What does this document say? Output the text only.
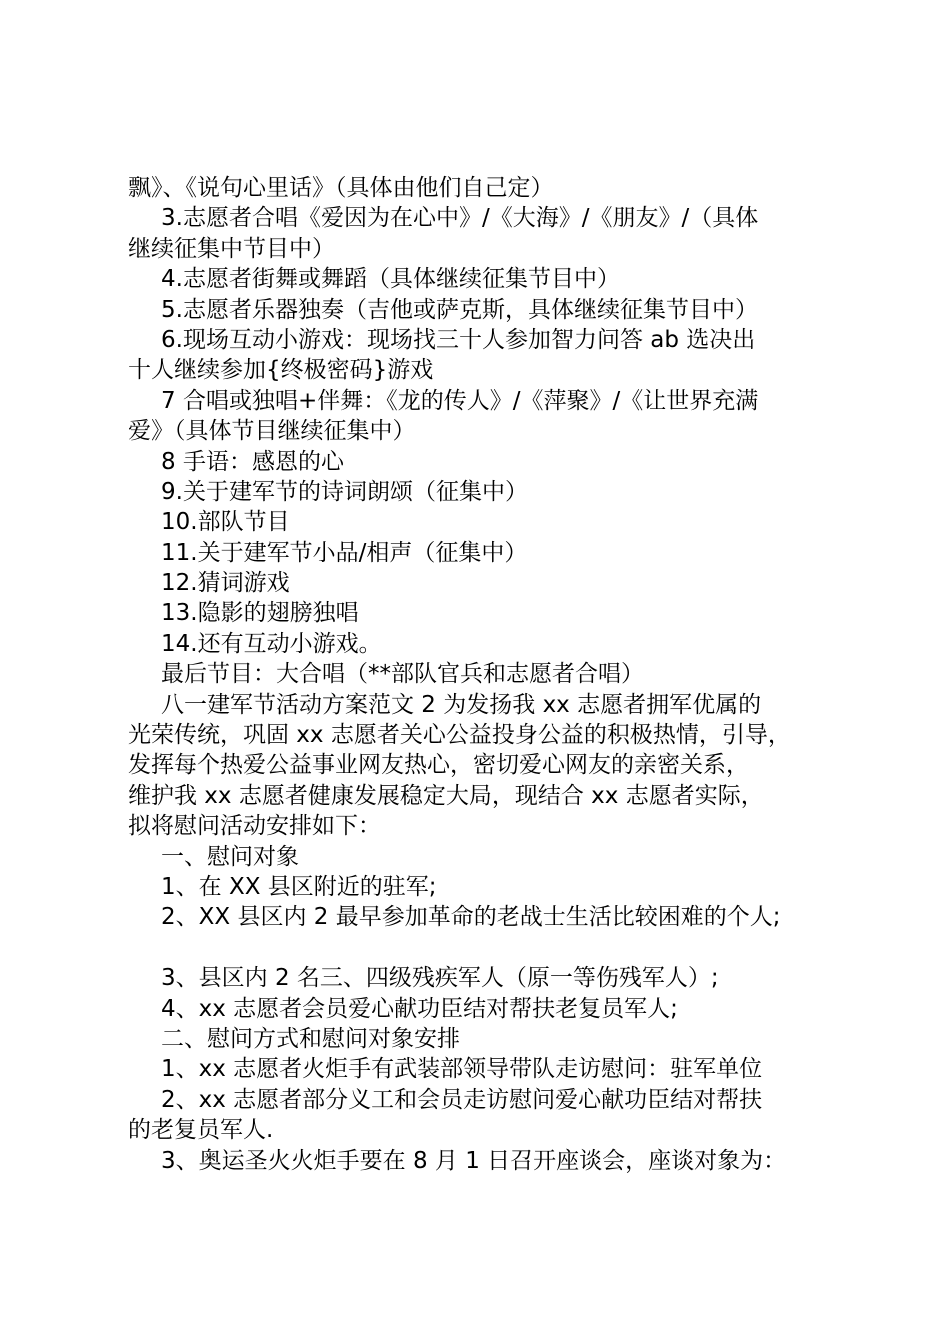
飘》、《说句心里话》（具体由他们自己定）
3.志愿者合唱《爱因为在心中》/《大海》/《朋友》/（具体
继续征集中节目中）
4.志愿者街舞或舞蹈（具体继续征集节目中）
5.志愿者乐器独奏（吉他或萨克斯，具体继续征集节目中）
6.现场互动小游戏：现场找三十人参加智力问答 ab 选决出
十人继续参加{终极密码}游戏
7 合唱或独唱+伴舞：《龙的传人》/《萍聚》/《让世界充满
爱》（具体节目继续征集中）
8 手语：感恩的心
9.关于建军节的诗词朗颂（征集中）
10.部队节目
11.关于建军节小品/相声（征集中）
12.猜词游戏
13.隐影的翅膀独唱
14.还有互动小游戏。
最后节目：大合唱（**部队官兵和志愿者合唱）
八一建军节活动方案范文 2 为发扬我 xx 志愿者拥军优属的
光荣传统，巩固 xx 志愿者关心公益投身公益的积极热情，引导，
发挥每个热爱公益事业网友热心，密切爱心网友的亲密关系，
维护我 xx 志愿者健康发展稳定大局，现结合 xx 志愿者实际，
拟将慰问活动安排如下：
一、慰问对象
1、在 XX 县区附近的驻军;
2、XX 县区内 2 最早参加革命的老战士生活比较困难的个人;
3、县区内 2 名三、四级残疾军人（原一等伤残军人）;
4、xx 志愿者会员爱心献功臣结对帮扶老复员军人;
二、慰问方式和慰问对象安排
1、xx 志愿者火炬手有武装部领导带队走访慰问：驻军单位
2、xx 志愿者部分义工和会员走访慰问爱心献功臣结对帮扶
的老复员军人.
3、奥运圣火火炬手要在 8 月 1 日召开座谈会，座谈对象为：
